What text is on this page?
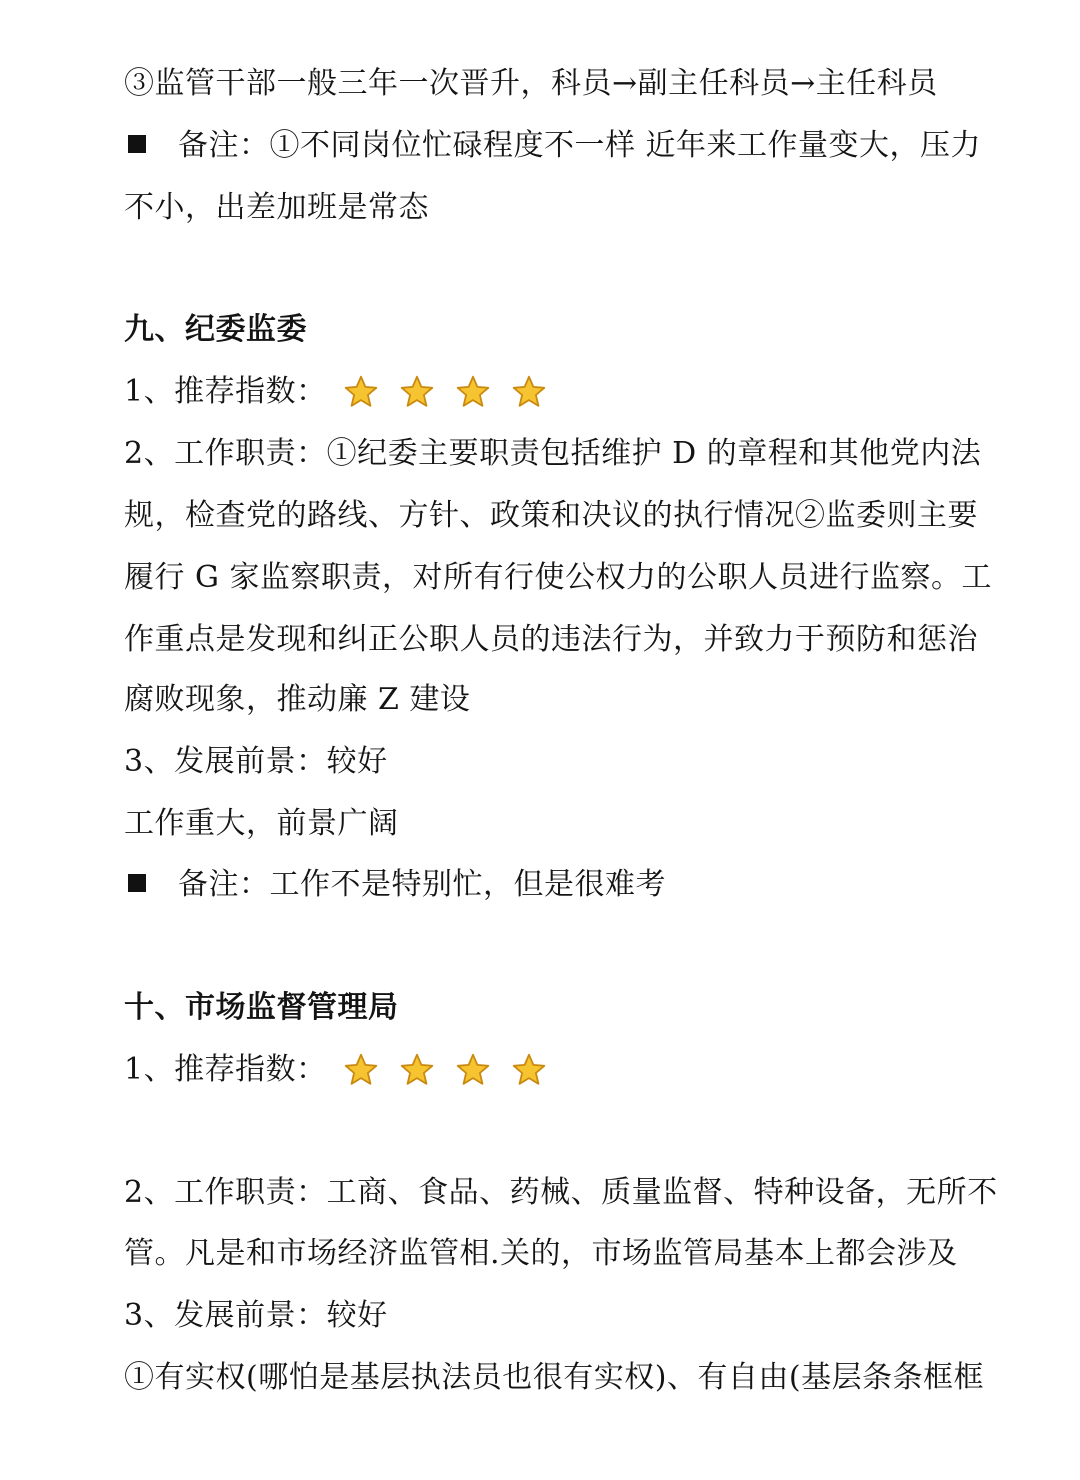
③监管干部一般三年一次晋升，科员→副主任科员→主任科员
备注：①不同岗位忙碌程度不一样 近年来工作量变大，压力
不小，出差加班是常态
九、纪委监委
1、推荐指数：
2、工作职责：①纪委主要职责包括维护 D 的章程和其他党内法
规，检查党的路线、方针、政策和决议的执行情况②监委则主要
履行 G 家监察职责，对所有行使公权力的公职人员进行监察。工
作重点是发现和纠正公职人员的违法行为，并致力于预防和惩治
腐败现象，推动廉 Z 建设
3、发展前景：较好
工作重大，前景广阔
备注：工作不是特别忙，但是很难考
十、市场监督管理局
1、推荐指数：
2、工作职责：工商、食品、药械、质量监督、特种设备，无所不
管。凡是和市场经济监管相.关的，市场监管局基本上都会涉及
3、发展前景：较好
①有实权(哪怕是基层执法员也很有实权)、有自由(基层条条框框
